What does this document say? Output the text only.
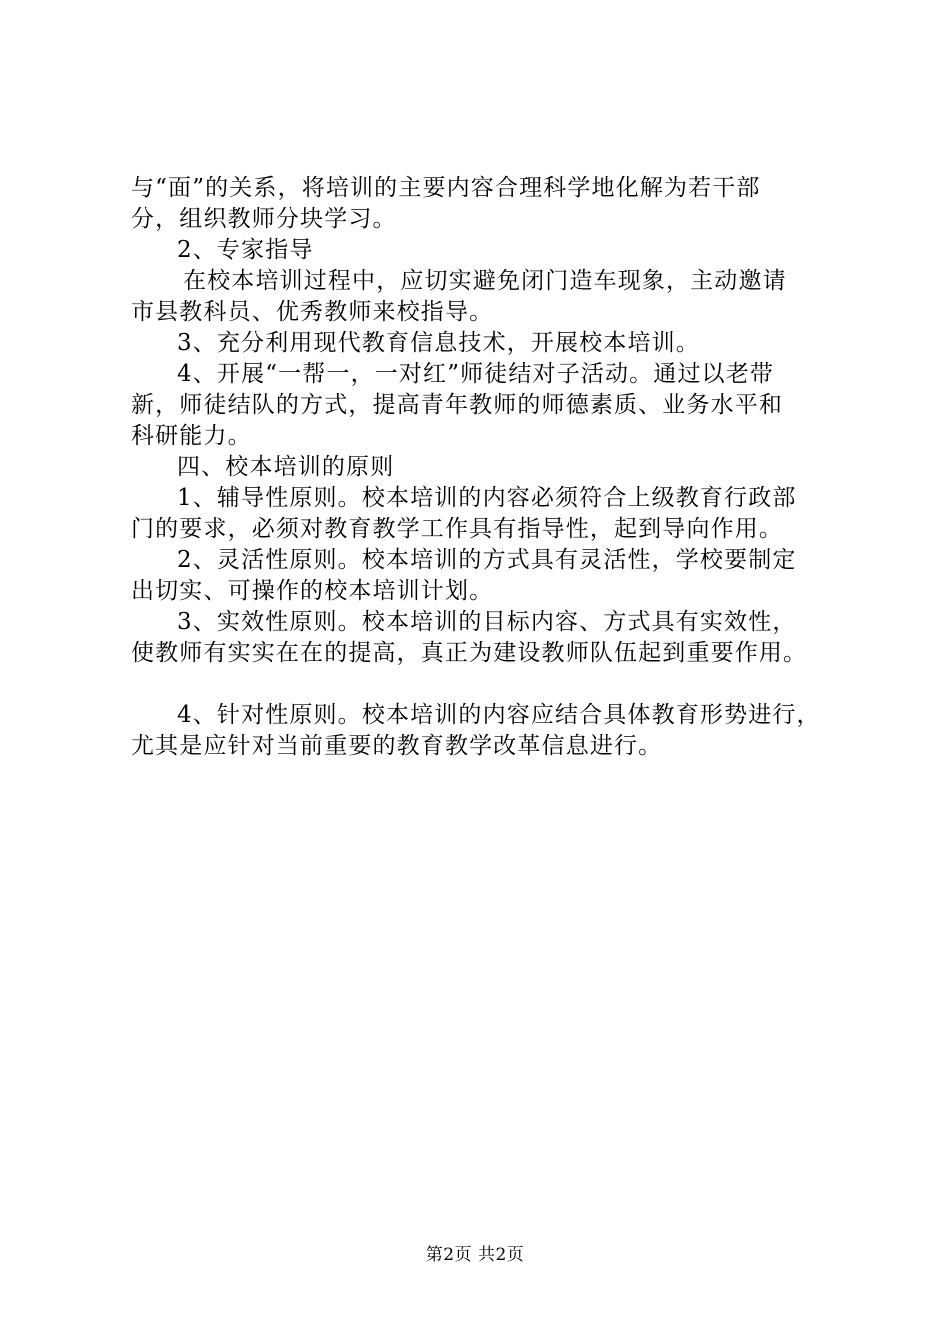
与“面”的关系，将培训的主要内容合理科学地化解为若干部
分，组织教师分块学习。
2、专家指导
在校本培训过程中，应切实避免闭门造车现象，主动邀请
市县教科员、优秀教师来校指导。
3、充分利用现代教育信息技术，开展校本培训。
4、开展“一帮一，一对红”师徒结对子活动。通过以老带
新，师徒结队的方式，提高青年教师的师德素质、业务水平和
科研能力。
四、校本培训的原则
1、辅导性原则。校本培训的内容必须符合上级教育行政部
门的要求，必须对教育教学工作具有指导性，起到导向作用。
2、灵活性原则。校本培训的方式具有灵活性，学校要制定
出切实、可操作的校本培训计划。
3、实效性原则。校本培训的目标内容、方式具有实效性，
使教师有实实在在的提高，真正为建设教师队伍起到重要作用。
4、针对性原则。校本培训的内容应结合具体教育形势进行，
尤其是应针对当前重要的教育教学改革信息进行。
第2页 共2页
